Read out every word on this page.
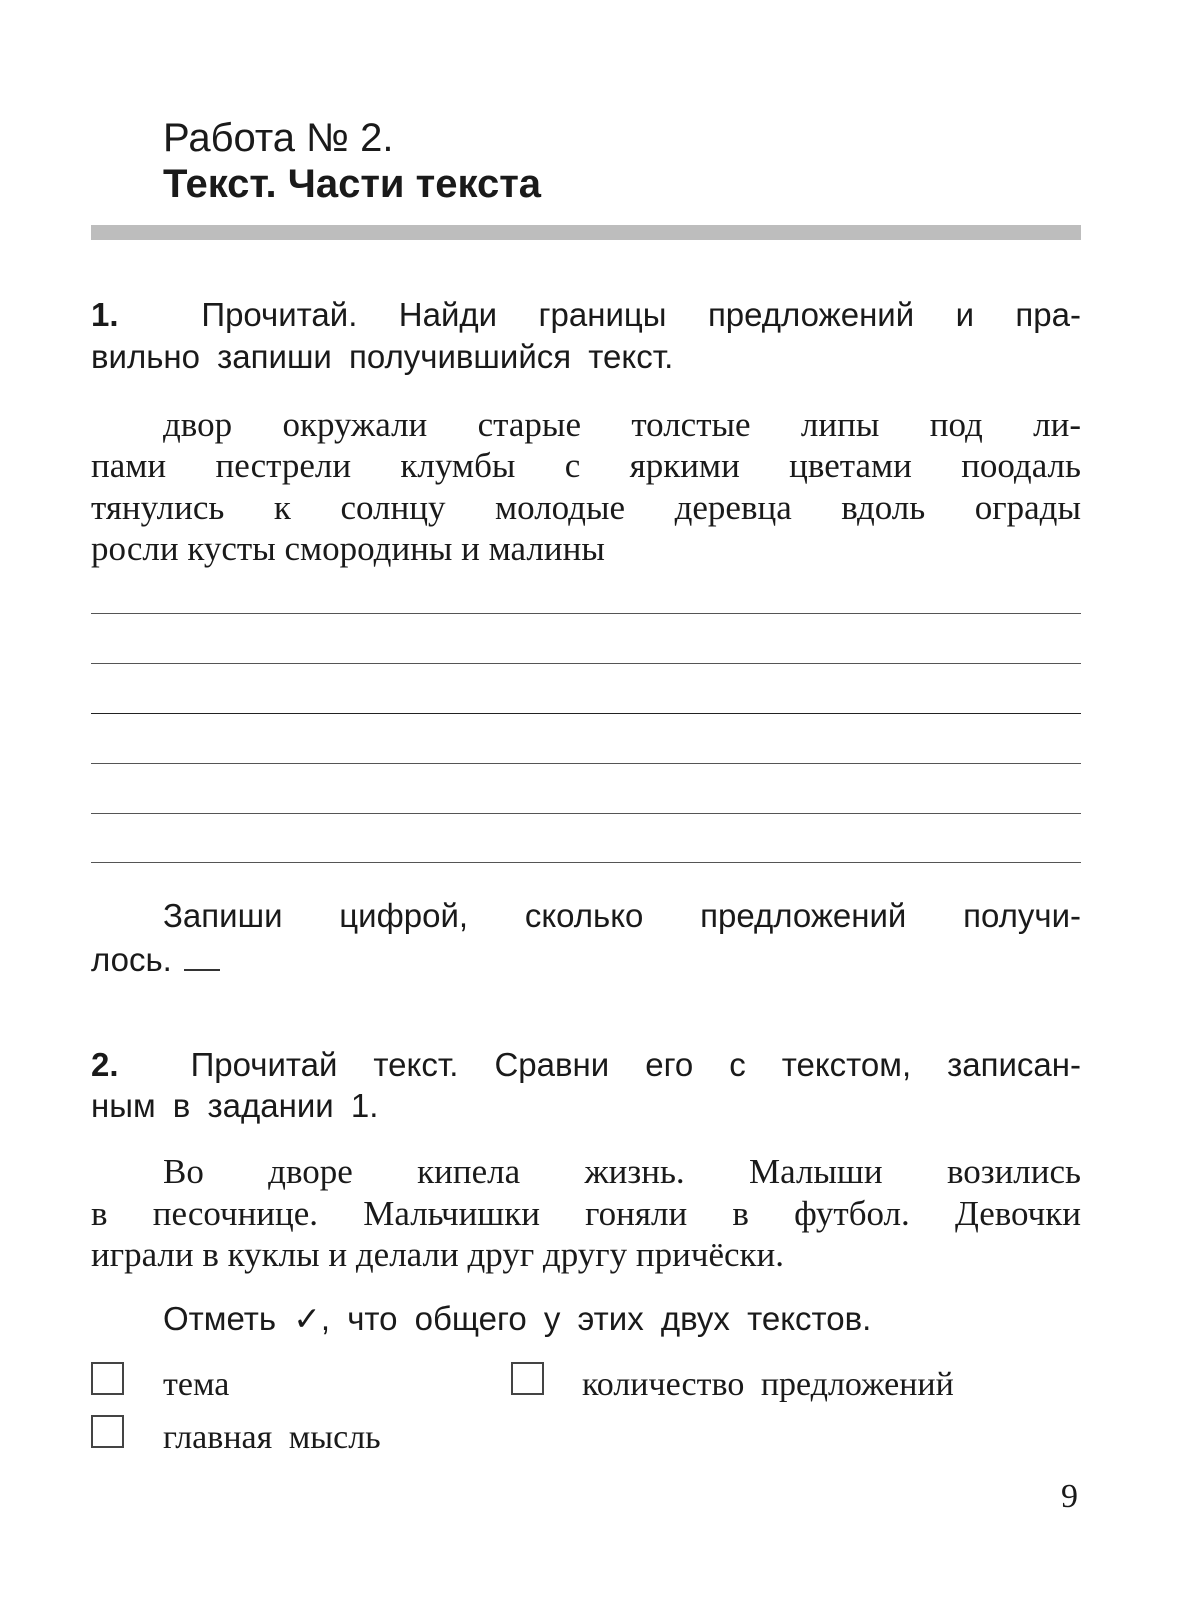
Работа № 2.
Текст. Части текста
1.	Прочитай. Найди границы предложений и пра-
вильно запиши получившийся текст.
двор окружали старые толстые липы под ли-
пами пестрели клумбы с яркими цветами поодаль
тянулись к солнцу молодые деревца вдоль ограды
росли кусты смородины и малины
Запиши цифрой, сколько предложений получи-
лось.
2. Прочитай текст. Сравни его с текстом, записан-
ным в задании 1.
Во дворе кипела жизнь. Малыши возились
в песочнице. Мальчишки гоняли в футбол. Девочки
играли в куклы и делали друг другу причёски.
Отметь ✓, что общего у этих двух текстов.
тема	количество предложений
главная мысль
9
